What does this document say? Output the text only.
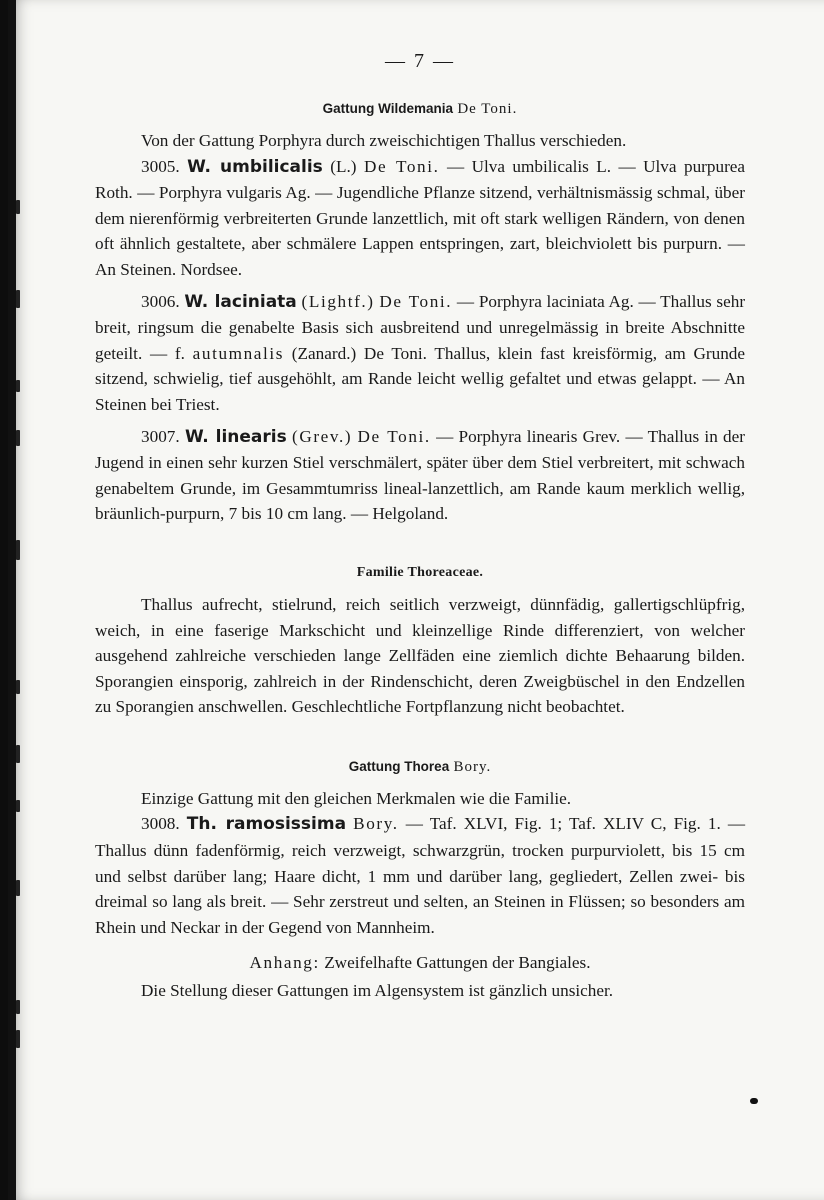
— 7 —
Gattung Wildemania De Toni.

Von der Gattung Porphyra durch zweischichtigen Thallus verschieden.

3005. W. umbilicalis (L.) De Toni. — Ulva umbilicalis L. — Ulva purpurea Roth. — Porphyra vulgaris Ag. — Jugendliche Pflanze sitzend, verhältnismässig schmal, über dem nierenförmig verbreiterten Grunde lanzettlich, mit oft stark welligen Rändern, von denen oft ähnlich gestaltete, aber schmälere Lappen entspringen, zart, bleichviolett bis purpurn. — An Steinen. Nordsee.

3006. W. laciniata (Lightf.) De Toni. — Porphyra laciniata Ag. — Thallus sehr breit, ringsum die genabelte Basis sich ausbreitend und unregelmässig in breite Abschnitte geteilt. — f. autumnalis (Zanard.) De Toni. Thallus, klein fast kreisförmig, am Grunde sitzend, schwielig, tief ausgehöhlt, am Rande leicht wellig gefaltet und etwas gelappt. — An Steinen bei Triest.

3007. W. linearis (Grev.) De Toni. — Porphyra linearis Grev. — Thallus in der Jugend in einen sehr kurzen Stiel verschmälert, später über dem Stiel verbreitert, mit schwach genabeltem Grunde, im Gesammtumriss lineal-lanzettlich, am Rande kaum merklich wellig, bräunlich-purpurn, 7 bis 10 cm lang. — Helgoland.

Familie Thoreaceae.

Thallus aufrecht, stielrund, reich seitlich verzweigt, dünnfädig, gallertigschlüpfrig, weich, in eine faserige Markschicht und kleinzellige Rinde differenziert, von welcher ausgehend zahlreiche verschieden lange Zellfäden eine ziemlich dichte Behaarung bilden. Sporangien einsporig, zahlreich in der Rindenschicht, deren Zweigbüschel in den Endzellen zu Sporangien anschwellen. Geschlechtliche Fortpflanzung nicht beobachtet.

Gattung Thorea Bory.

Einzige Gattung mit den gleichen Merkmalen wie die Familie.

3008. Th. ramosissima Bory. — Taf. XLVI, Fig. 1; Taf. XLIV C, Fig. 1. — Thallus dünn fadenförmig, reich verzweigt, schwarzgrün, trocken purpurviolett, bis 15 cm und selbst darüber lang; Haare dicht, 1 mm und darüber lang, gegliedert, Zellen zwei- bis dreimal so lang als breit. — Sehr zerstreut und selten, an Steinen in Flüssen; so besonders am Rhein und Neckar in der Gegend von Mannheim.

Anhang: Zweifelhafte Gattungen der Bangiales.

Die Stellung dieser Gattungen im Algensystem ist gänzlich unsicher.
